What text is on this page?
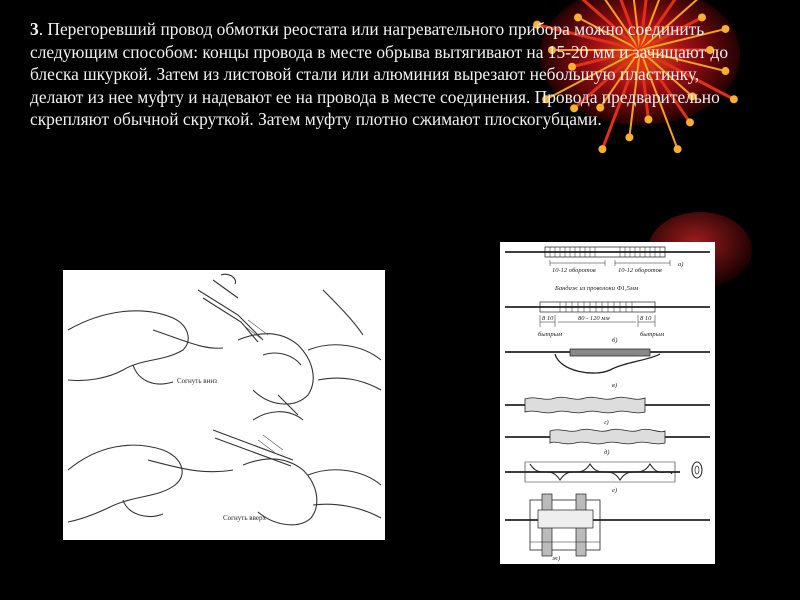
3. Перегоревший провод обмотки реостата или нагревательного прибора можно соединить следующим способом: концы провода в месте обрыва вытягивают на 15-20 мм и зачищают до блеска шкуркой. Затем из листовой стали или алюминия вырезают небольшую пластинку, делают из нее муфту и надевают ее на провода в месте соединения. Провода предварительно скрепляют обычной скруткой. Затем муфту плотно сжимают плоскогубцами.

Согнуть вниз
Согнуть вверх
10-12 оборотов	10-12 оборотов
а)
Бандаж из проволоки Ф1,5мм
8 10	80 - 120 мм	8 10
бытрым	бытрым
б)
в)
г)
д)
е)
ж)
